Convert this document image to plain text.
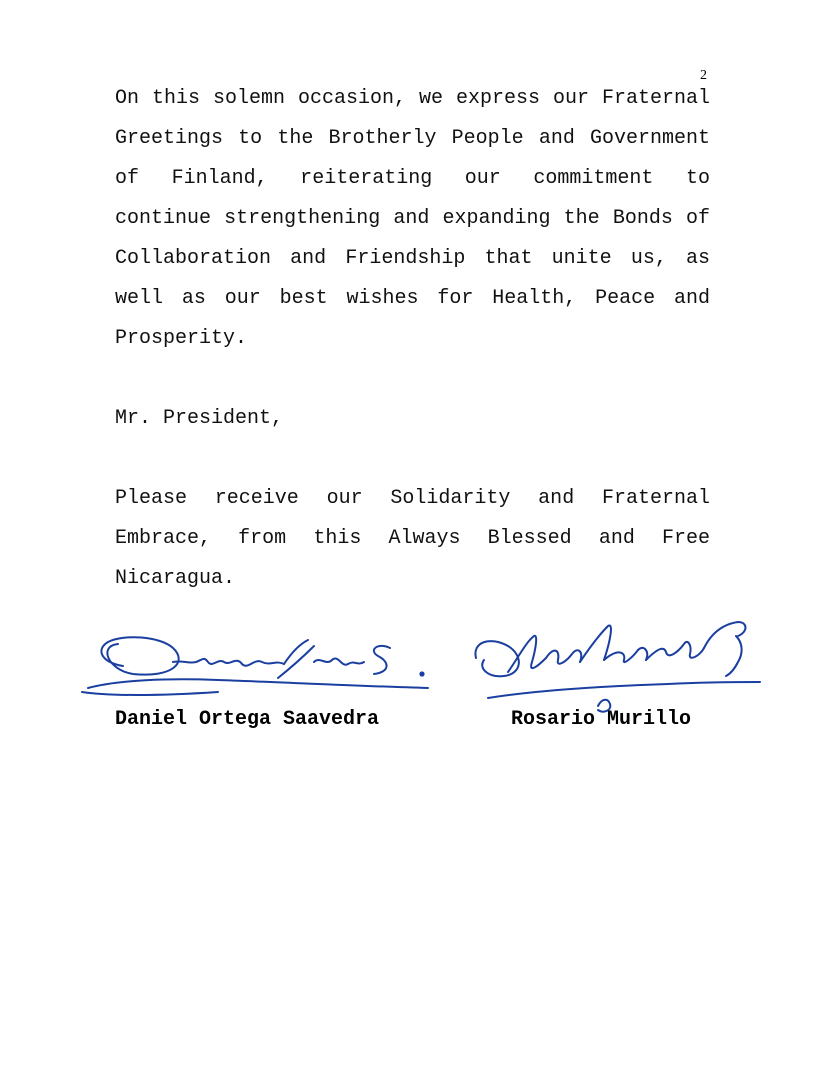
2

On this solemn occasion, we express our Fraternal Greetings to the Brotherly People and Government of Finland, reiterating our commitment to continue strengthening and expanding the Bonds of Collaboration and Friendship that unite us, as well as our best wishes for Health, Peace and Prosperity.

Mr. President,

Please receive our Solidarity and Fraternal Embrace, from this Always Blessed and Free Nicaragua.

Daniel Ortega Saavedra	Rosario Murillo
